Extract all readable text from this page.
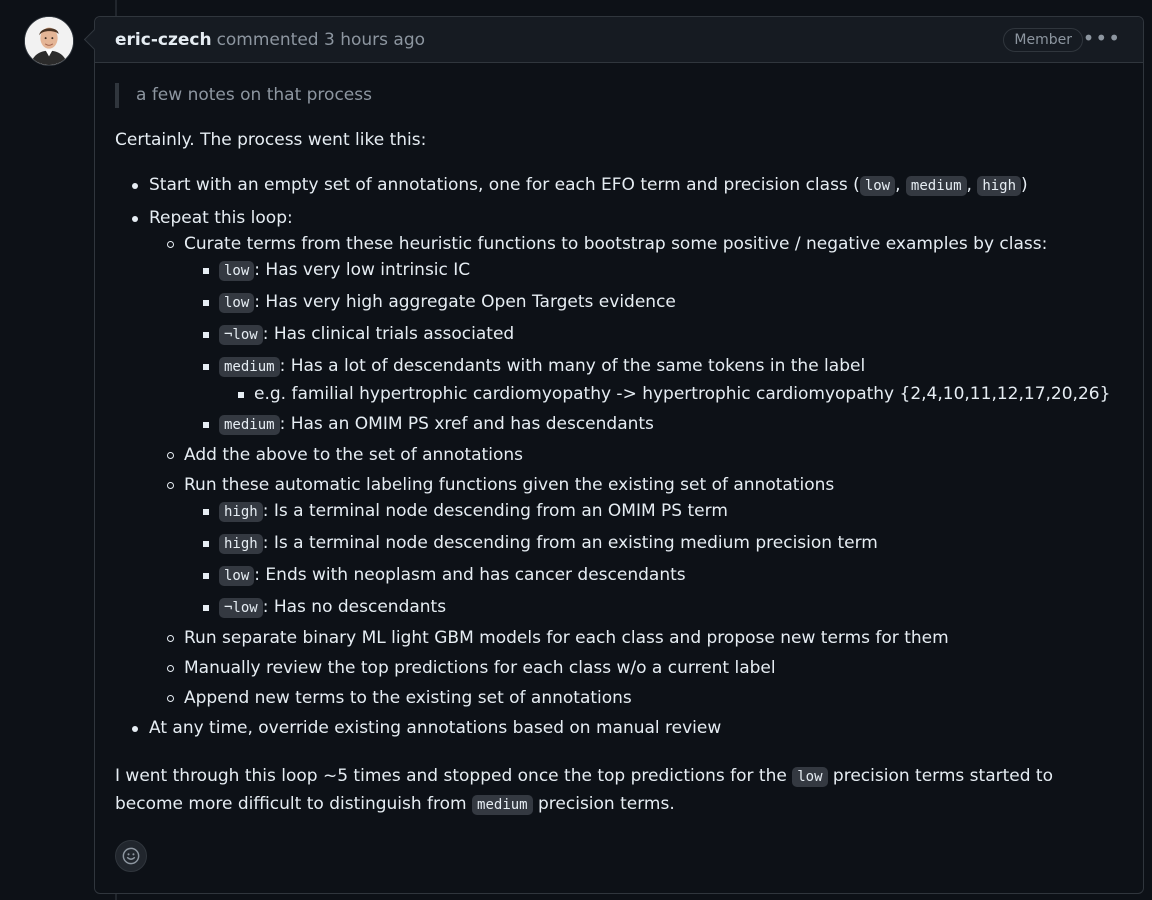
eric-czech commented 3 hours ago	Member •••
a few notes on that process
Certainly. The process went like this:
Start with an empty set of annotations, one for each EFO term and precision class ( low , medium , high )
Repeat this loop:
Curate terms from these heuristic functions to bootstrap some positive / negative examples by class:
low : Has very low intrinsic IC
low : Has very high aggregate Open Targets evidence
¬low : Has clinical trials associated
medium : Has a lot of descendants with many of the same tokens in the label
e.g. familial hypertrophic cardiomyopathy -> hypertrophic cardiomyopathy {2,4,10,11,12,17,20,26}
medium : Has an OMIM PS xref and has descendants
Add the above to the set of annotations
Run these automatic labeling functions given the existing set of annotations
high : Is a terminal node descending from an OMIM PS term
high : Is a terminal node descending from an existing medium precision term
low : Ends with neoplasm and has cancer descendants
¬low : Has no descendants
Run separate binary ML light GBM models for each class and propose new terms for them
Manually review the top predictions for each class w/o a current label
Append new terms to the existing set of annotations
At any time, override existing annotations based on manual review

I went through this loop ~5 times and stopped once the top predictions for the low precision terms started to become more difficult to distinguish from medium precision terms.
